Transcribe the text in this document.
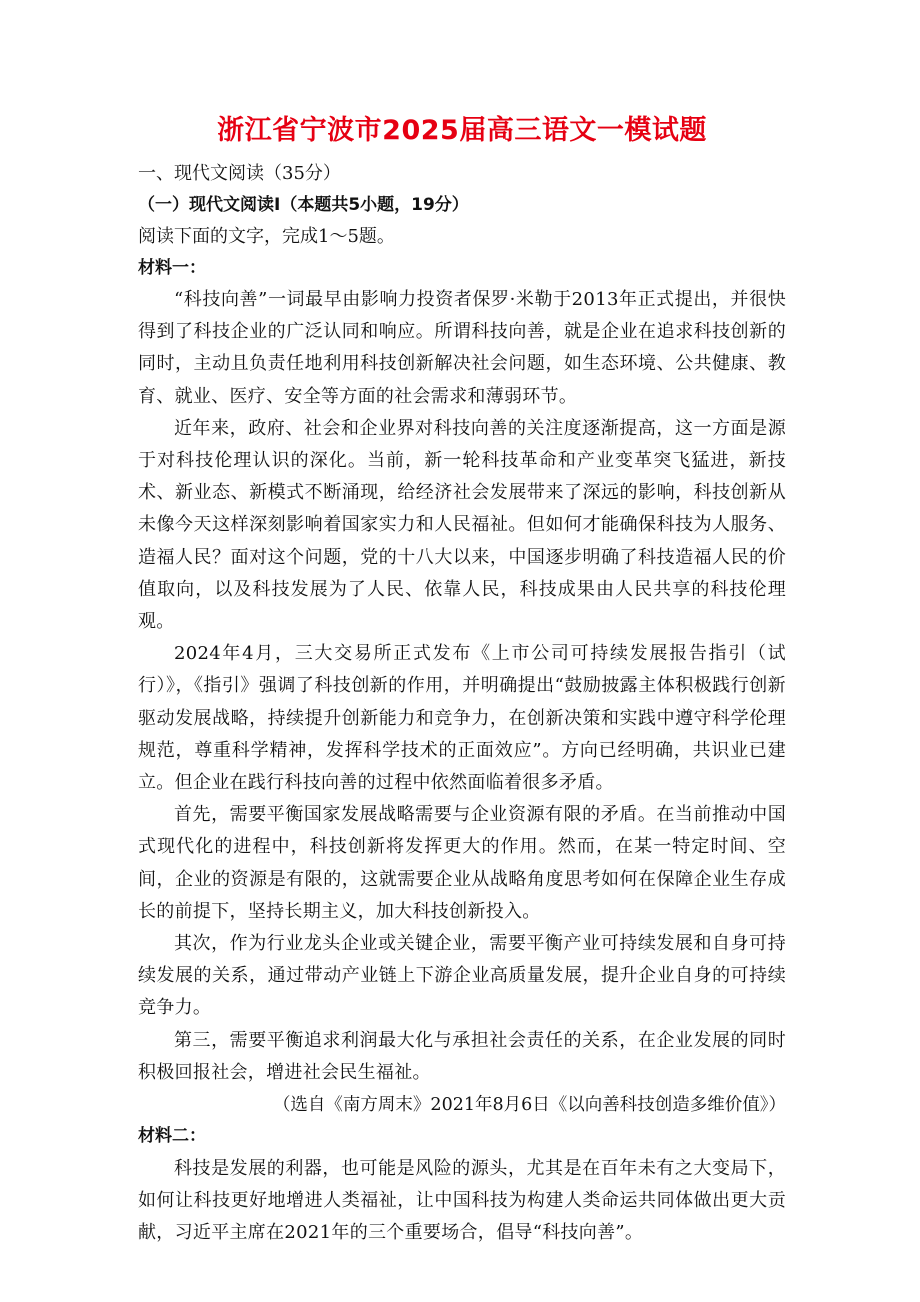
浙江省宁波市2025届高三语文一模试题

一、现代文阅读（35分）

（一）现代文阅读Ⅰ（本题共5小题，19分）

阅读下面的文字，完成1～5题。

材料一：

“科技向善”一词最早由影响力投资者保罗·米勒于2013年正式提出，并很快得到了科技企业的广泛认同和响应。所谓科技向善，就是企业在追求科技创新的同时，主动且负责任地利用科技创新解决社会问题，如生态环境、公共健康、教育、就业、医疗、安全等方面的社会需求和薄弱环节。

近年来，政府、社会和企业界对科技向善的关注度逐渐提高，这一方面是源于对科技伦理认识的深化。当前，新一轮科技革命和产业变革突飞猛进，新技术、新业态、新模式不断涌现，给经济社会发展带来了深远的影响，科技创新从未像今天这样深刻影响着国家实力和人民福祉。但如何才能确保科技为人服务、造福人民？面对这个问题，党的十八大以来，中国逐步明确了科技造福人民的价值取向，以及科技发展为了人民、依靠人民，科技成果由人民共享的科技伦理观。

2024年4月，三大交易所正式发布《上市公司可持续发展报告指引（试行）》，《指引》强调了科技创新的作用，并明确提出“鼓励披露主体积极践行创新驱动发展战略，持续提升创新能力和竞争力，在创新决策和实践中遵守科学伦理规范，尊重科学精神，发挥科学技术的正面效应”。方向已经明确，共识业已建立。但企业在践行科技向善的过程中依然面临着很多矛盾。

首先，需要平衡国家发展战略需要与企业资源有限的矛盾。在当前推动中国式现代化的进程中，科技创新将发挥更大的作用。然而，在某一特定时间、空间，企业的资源是有限的，这就需要企业从战略角度思考如何在保障企业生存成长的前提下，坚持长期主义，加大科技创新投入。

其次，作为行业龙头企业或关键企业，需要平衡产业可持续发展和自身可持续发展的关系，通过带动产业链上下游企业高质量发展，提升企业自身的可持续竞争力。

第三，需要平衡追求利润最大化与承担社会责任的关系，在企业发展的同时积极回报社会，增进社会民生福祉。

（选自《南方周末》2021年8月6日《以向善科技创造多维价值》）

材料二：

科技是发展的利器，也可能是风险的源头，尤其是在百年未有之大变局下，如何让科技更好地增进人类福祉，让中国科技为构建人类命运共同体做出更大贡献，习近平主席在2021年的三个重要场合，倡导“科技向善”。
